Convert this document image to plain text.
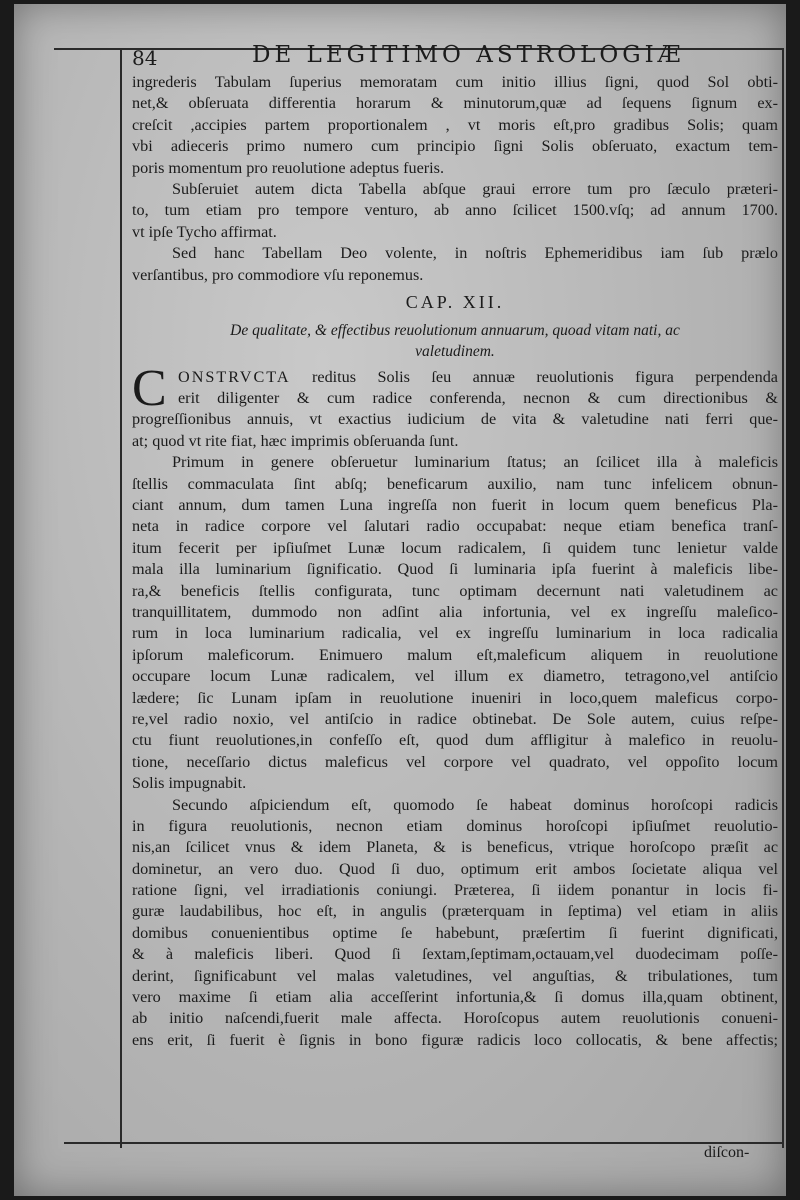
84	DE LEGITIMO ASTROLOGIÆ
ingrederis Tabulam ſuperius memoratam cum initio illius ſigni, quod Sol obti-
net,& obſeruata differentia horarum & minutorum,quæ ad ſequens ſignum ex-
creſcit ,accipies partem proportionalem , vt moris eſt,pro gradibus Solis; quam
vbi adieceris primo numero cum principio ſigni Solis obſeruato, exactum tem-
poris momentum pro reuolutione adeptus fueris.
Subſeruiet autem dicta Tabella abſque graui errore tum pro ſæculo præteri-
to, tum etiam pro tempore venturo, ab anno ſcilicet 1500.vſq; ad annum 1700.
vt ipſe Tycho affirmat.
Sed hanc Tabellam Deo volente, in noſtris Ephemeridibus iam ſub prælo
verſantibus, pro commodiore vſu reponemus.
CAP. XII.
De qualitate, & effectibus reuolutionum annuarum, quoad vitam nati, ac
valetudinem.
C ONSTRVCTA reditus Solis ſeu annuæ reuolutionis figura perpendenda
erit diligenter & cum radice conferenda, necnon & cum directionibus &
progreſſionibus annuis, vt exactius iudicium de vita & valetudine nati ferri que-
at; quod vt rite fiat, hæc imprimis obſeruanda ſunt.
Primum in genere obſeruetur luminarium ſtatus; an ſcilicet illa à maleficis
ſtellis commaculata ſint abſq; beneficarum auxilio, nam tunc infelicem obnun-
ciant annum, dum tamen Luna ingreſſa non fuerit in locum quem beneficus Pla-
neta in radice corpore vel ſalutari radio occupabat: neque etiam benefica tranſ-
itum fecerit per ipſiuſmet Lunæ locum radicalem, ſi quidem tunc lenietur valde
mala illa luminarium ſignificatio. Quod ſi luminaria ipſa fuerint à maleficis libe-
ra,& beneficis ſtellis configurata, tunc optimam decernunt nati valetudinem ac
tranquillitatem, dummodo non adſint alia infortunia, vel ex ingreſſu maleſico-
rum in loca luminarium radicalia, vel ex ingreſſu luminarium in loca radicalia
ipſorum maleficorum. Enimuero malum eſt,maleficum aliquem in reuolutione
occupare locum Lunæ radicalem, vel illum ex diametro, tetragono,vel antiſcio
lædere; ſic Lunam ipſam in reuolutione inueniri in loco,quem maleficus corpo-
re,vel radio noxio, vel antiſcio in radice obtinebat. De Sole autem, cuius reſpe-
ctu fiunt reuolutiones,in confeſſo eſt, quod dum affligitur à malefico in reuolu-
tione, neceſſario dictus maleficus vel corpore vel quadrato, vel oppoſito locum
Solis impugnabit.
Secundo aſpiciendum eſt, quomodo ſe habeat dominus horoſcopi radicis
in figura reuolutionis, necnon etiam dominus horoſcopi ipſiuſmet reuolutio-
nis,an ſcilicet vnus & idem Planeta, & is beneficus, vtrique horoſcopo præſit ac
dominetur, an vero duo. Quod ſi duo, optimum erit ambos ſocietate aliqua vel
ratione ſigni, vel irradiationis coniungi. Præterea, ſi iidem ponantur in locis fi-
guræ laudabilibus, hoc eſt, in angulis (præterquam in ſeptima) vel etiam in aliis
domibus conuenientibus optime ſe habebunt, præſertim ſi fuerint dignificati,
& à maleficis liberi. Quod ſi ſextam,ſeptimam,octauam,vel duodecimam poſſe-
derint, ſignificabunt vel malas valetudines, vel anguſtias, & tribulationes, tum
vero maxime ſi etiam alia acceſſerint infortunia,& ſi domus illa,quam obtinent,
ab initio naſcendi,fuerit male affecta. Horoſcopus autem reuolutionis conueni-
ens erit, ſi fuerit è ſignis in bono figuræ radicis loco collocatis, & bene affectis;
diſcon-
